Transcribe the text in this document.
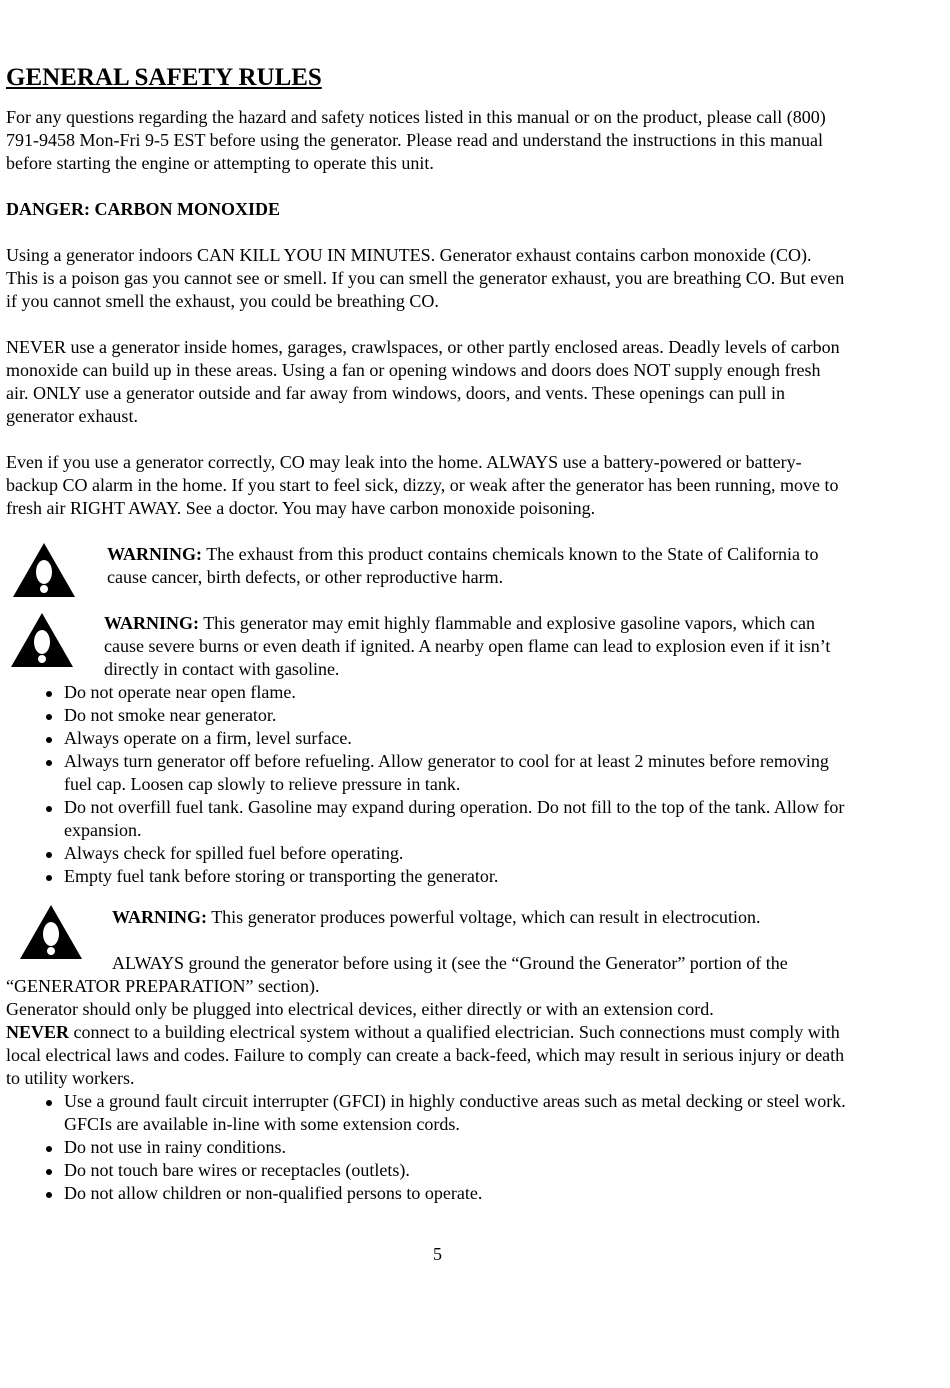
GENERAL SAFETY RULES

For any questions regarding the hazard and safety notices listed in this manual or on the product, please call (800) 791-9458 Mon-Fri 9-5 EST before using the generator. Please read and understand the instructions in this manual before starting the engine or attempting to operate this unit.

DANGER: CARBON MONOXIDE

Using a generator indoors CAN KILL YOU IN MINUTES. Generator exhaust contains carbon monoxide (CO). This is a poison gas you cannot see or smell. If you can smell the generator exhaust, you are breathing CO. But even if you cannot smell the exhaust, you could be breathing CO.

NEVER use a generator inside homes, garages, crawlspaces, or other partly enclosed areas. Deadly levels of carbon monoxide can build up in these areas. Using a fan or opening windows and doors does NOT supply enough fresh air. ONLY use a generator outside and far away from windows, doors, and vents. These openings can pull in generator exhaust.

Even if you use a generator correctly, CO may leak into the home. ALWAYS use a battery-powered or battery-backup CO alarm in the home. If you start to feel sick, dizzy, or weak after the generator has been running, move to fresh air RIGHT AWAY. See a doctor. You may have carbon monoxide poisoning.

WARNING: The exhaust from this product contains chemicals known to the State of California to cause cancer, birth defects, or other reproductive harm.

WARNING: This generator may emit highly flammable and explosive gasoline vapors, which can cause severe burns or even death if ignited. A nearby open flame can lead to explosion even if it isn’t directly in contact with gasoline.

Do not operate near open flame.
Do not smoke near generator.
Always operate on a firm, level surface.
Always turn generator off before refueling. Allow generator to cool for at least 2 minutes before removing fuel cap. Loosen cap slowly to relieve pressure in tank.
Do not overfill fuel tank. Gasoline may expand during operation. Do not fill to the top of the tank. Allow for expansion.
Always check for spilled fuel before operating.
Empty fuel tank before storing or transporting the generator.

WARNING: This generator produces powerful voltage, which can result in electrocution.

ALWAYS ground the generator before using it (see the “Ground the Generator” portion of the “GENERATOR PREPARATION” section).

Generator should only be plugged into electrical devices, either directly or with an extension cord.

NEVER connect to a building electrical system without a qualified electrician. Such connections must comply with local electrical laws and codes. Failure to comply can create a back-feed, which may result in serious injury or death to utility workers.

Use a ground fault circuit interrupter (GFCI) in highly conductive areas such as metal decking or steel work. GFCIs are available in-line with some extension cords.
Do not use in rainy conditions.
Do not touch bare wires or receptacles (outlets).
Do not allow children or non-qualified persons to operate.
5
